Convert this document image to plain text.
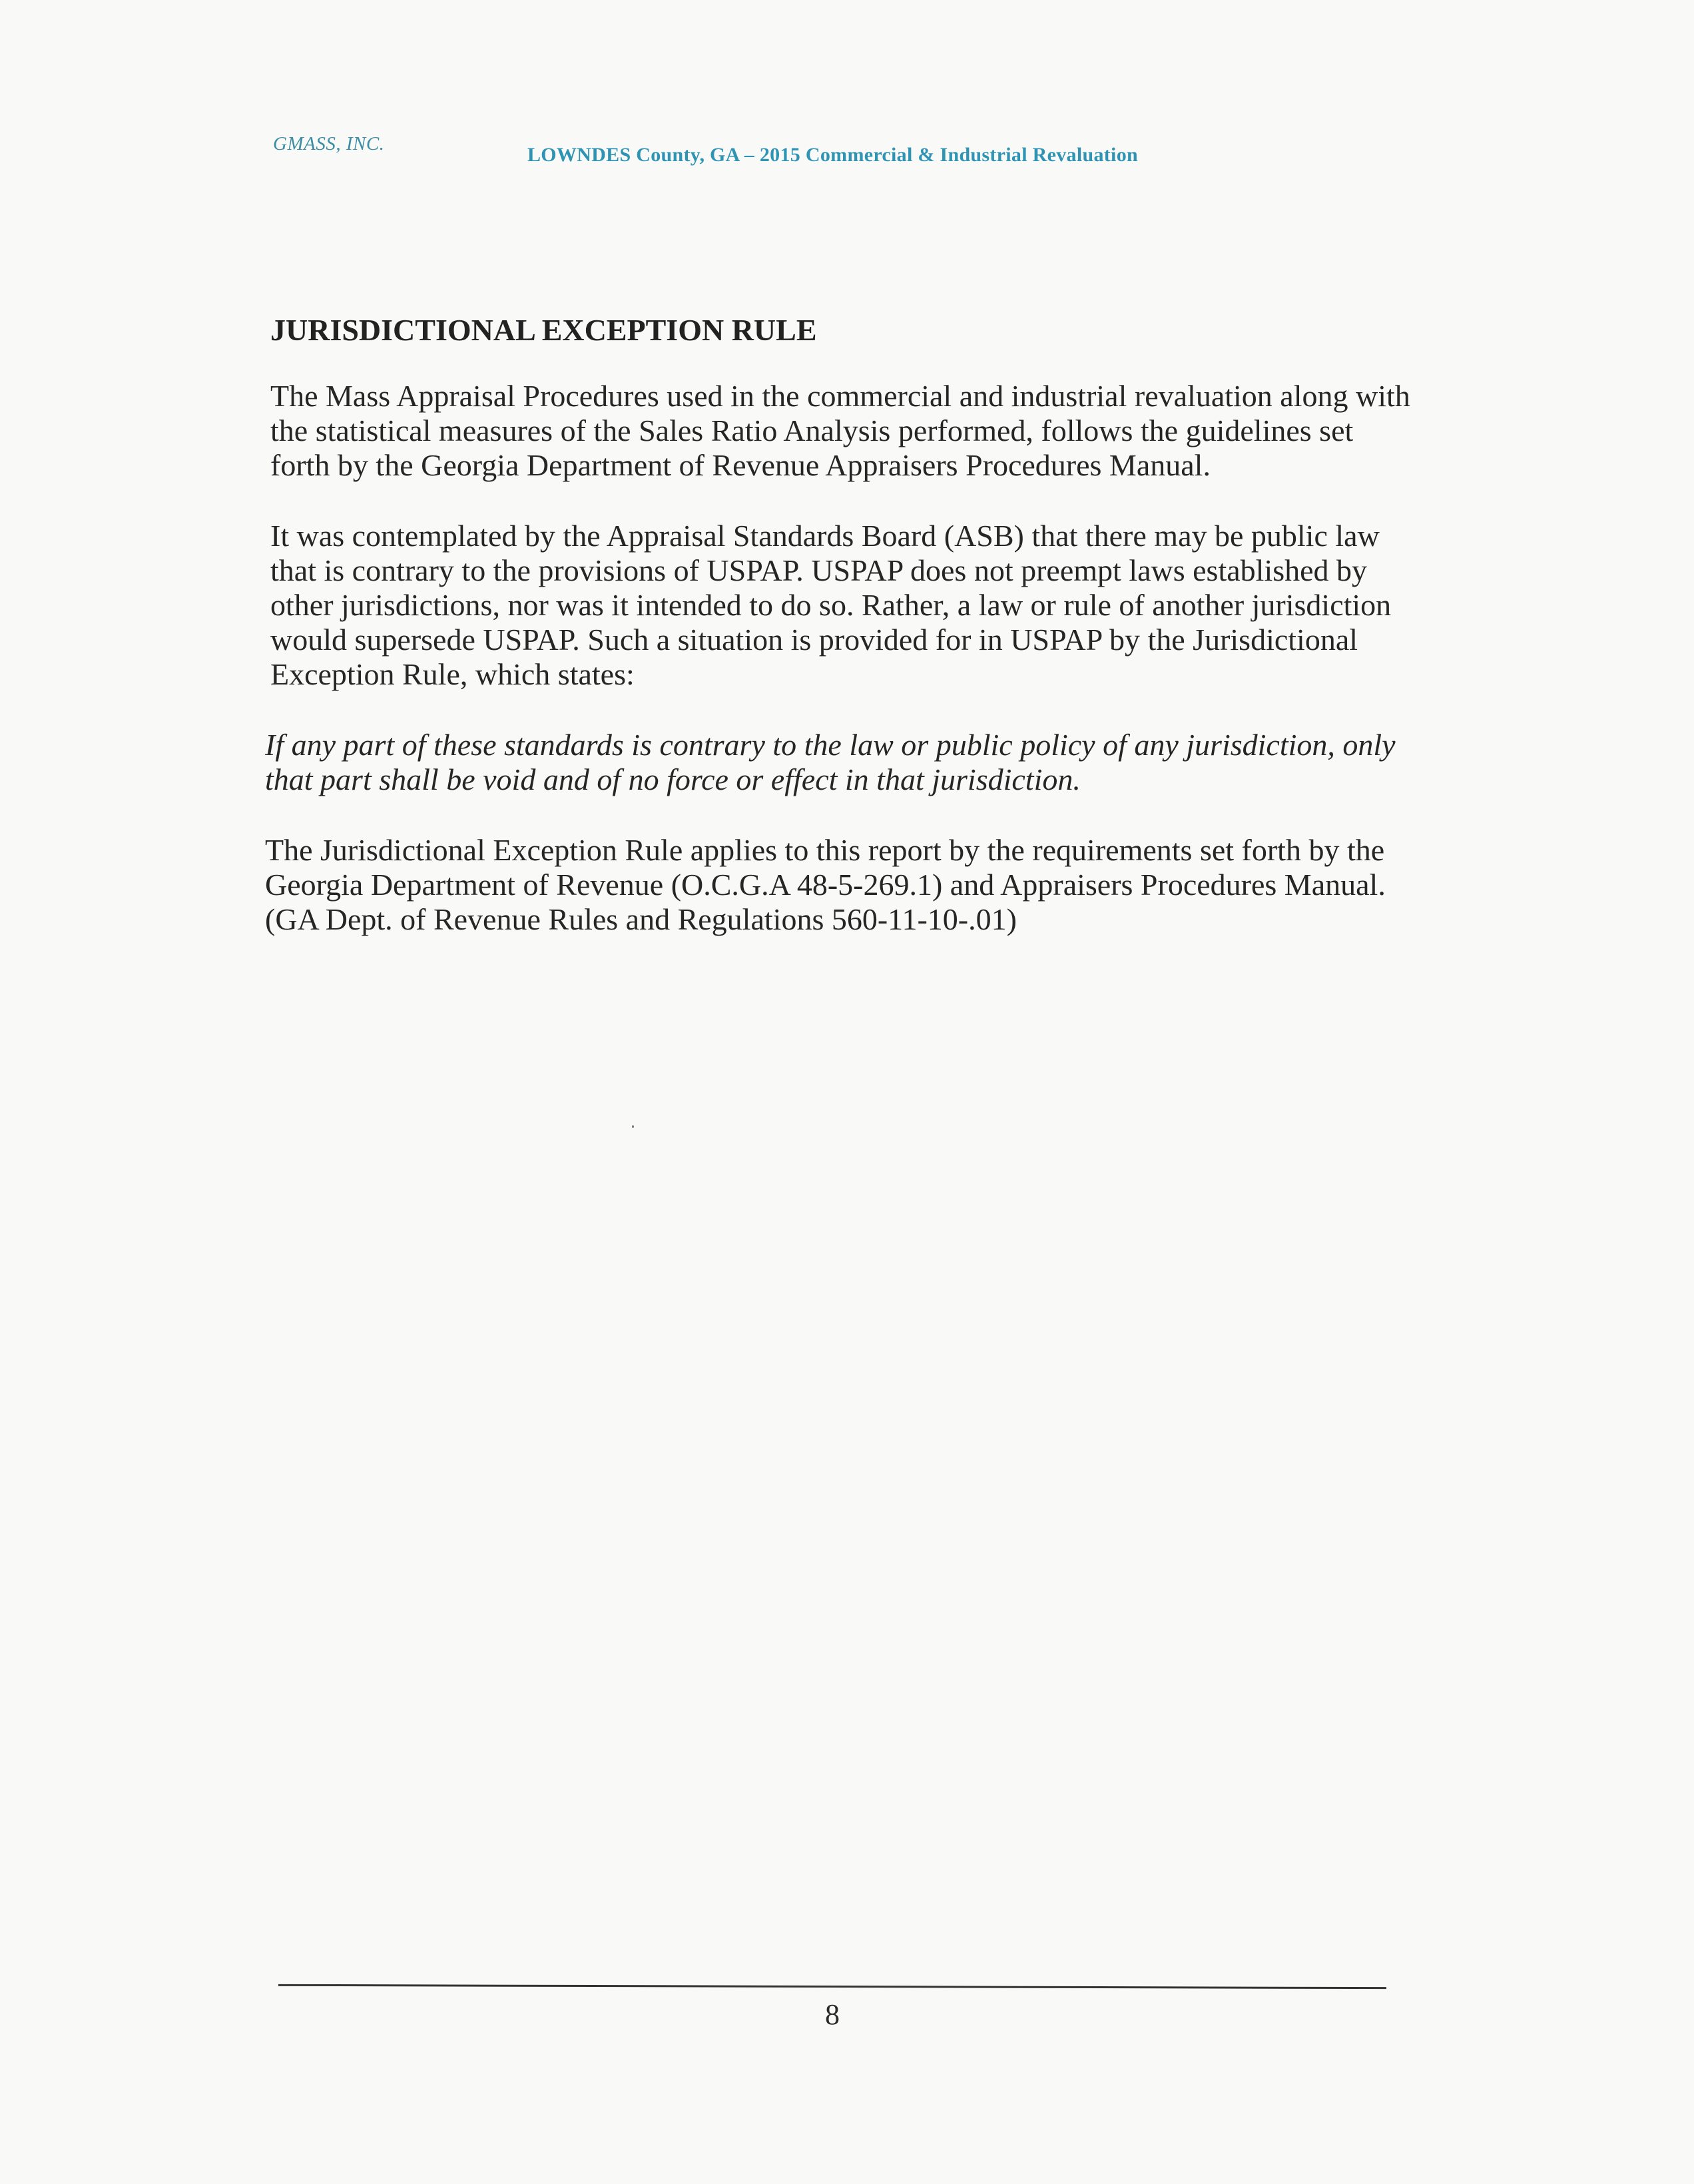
GMASS, INC.	LOWNDES County, GA – 2015 Commercial & Industrial Revaluation
JURISDICTIONAL EXCEPTION RULE

The Mass Appraisal Procedures used in the commercial and industrial revaluation along with the statistical measures of the Sales Ratio Analysis performed, follows the guidelines set forth by the Georgia Department of Revenue Appraisers Procedures Manual.

It was contemplated by the Appraisal Standards Board (ASB) that there may be public law that is contrary to the provisions of USPAP. USPAP does not preempt laws established by other jurisdictions, nor was it intended to do so. Rather, a law or rule of another jurisdiction would supersede USPAP. Such a situation is provided for in USPAP by the Jurisdictional Exception Rule, which states:

If any part of these standards is contrary to the law or public policy of any jurisdiction, only that part shall be void and of no force or effect in that jurisdiction.

The Jurisdictional Exception Rule applies to this report by the requirements set forth by the Georgia Department of Revenue (O.C.G.A 48-5-269.1) and Appraisers Procedures Manual. (GA Dept. of Revenue Rules and Regulations 560-11-10-.01)

8
